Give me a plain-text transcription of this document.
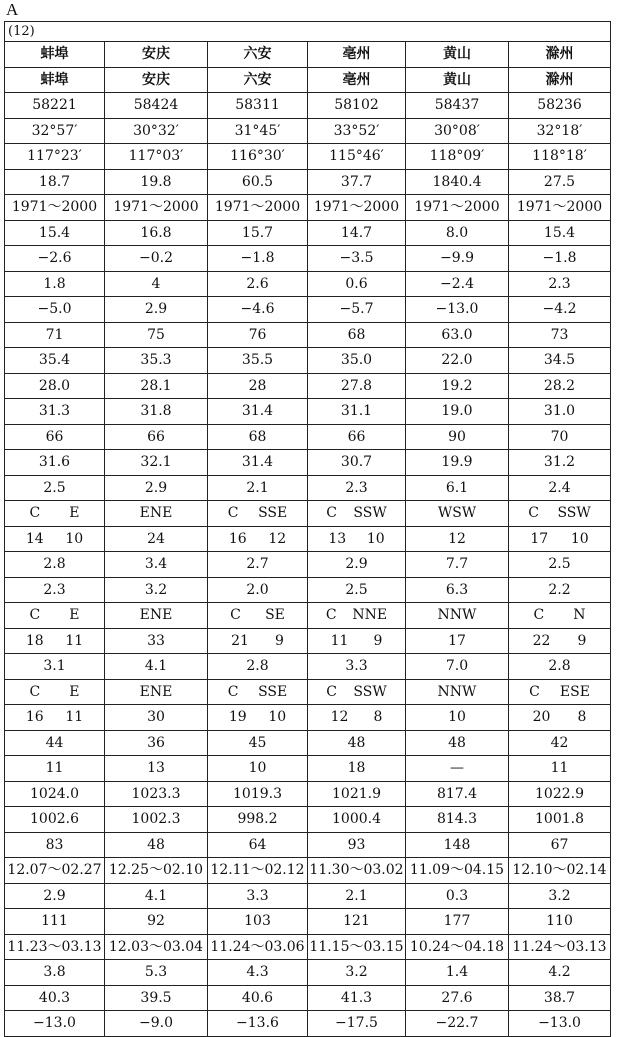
A
(12)					
蚌埠	安庆	六安	亳州	黄山	滁州
蚌埠	安庆	六安	亳州	黄山	滁州
58221	58424	58311	58102	58437	58236
32°57′	30°32′	31°45′	33°52′	30°08′	32°18′
117°23′	117°03′	116°30′	115°46′	118°09′	118°18′
18.7	19.8	60.5	37.7	1840.4	27.5
1971～2000	1971～2000	1971～2000	1971～2000	1971～2000	1971～2000
15.4	16.8	15.7	14.7	8.0	15.4
−2.6	−0.2	−1.8	−3.5	−9.9	−1.8
1.8	4	2.6	0.6	−2.4	2.3
−5.0	2.9	−4.6	−5.7	−13.0	−4.2
71	75	76	68	63.0	73
35.4	35.3	35.5	35.0	22.0	34.5
28.0	28.1	28	27.8	19.2	28.2
31.3	31.8	31.4	31.1	19.0	31.0
66	66	68	66	90	70
31.6	32.1	31.4	30.7	19.9	31.2
2.5	2.9	2.1	2.3	6.1	2.4

C E	ENE	C SSE	C SSW	WSW	C SSW

14 10	24	16 12	13 10	12	17 10

2.8	3.4	2.7	2.9	7.7	2.5
2.3	3.2	2.0	2.5	6.3	2.2

C E	ENE	C SE	C NNE	NNW	C N

18 11	33	21 9	11 9	17	22 9

3.1	4.1	2.8	3.3	7.0	2.8

C E	ENE	C SSE	C SSW	NNW	C ESE

16 11	30	19 10	12 8	10	20 8

44	36	45	48	48	42
11	13	10	18	—	11
1024.0	1023.3	1019.3	1021.9	817.4	1022.9
1002.6	1002.3	998.2	1000.4	814.3	1001.8
83	48	64	93	148	67
12.07～02.27	12.25～02.10	12.11～02.12	11.30～03.02	11.09～04.15	12.10～02.14
2.9	4.1	3.3	2.1	0.3	3.2
111	92	103	121	177	110
11.23～03.13	12.03～03.04	11.24～03.06	11.15～03.15	10.24～04.18	11.24～03.13
3.8	5.3	4.3	3.2	1.4	4.2
40.3	39.5	40.6	41.3	27.6	38.7
−13.0	−9.0	−13.6	−17.5	−22.7	−13.0
